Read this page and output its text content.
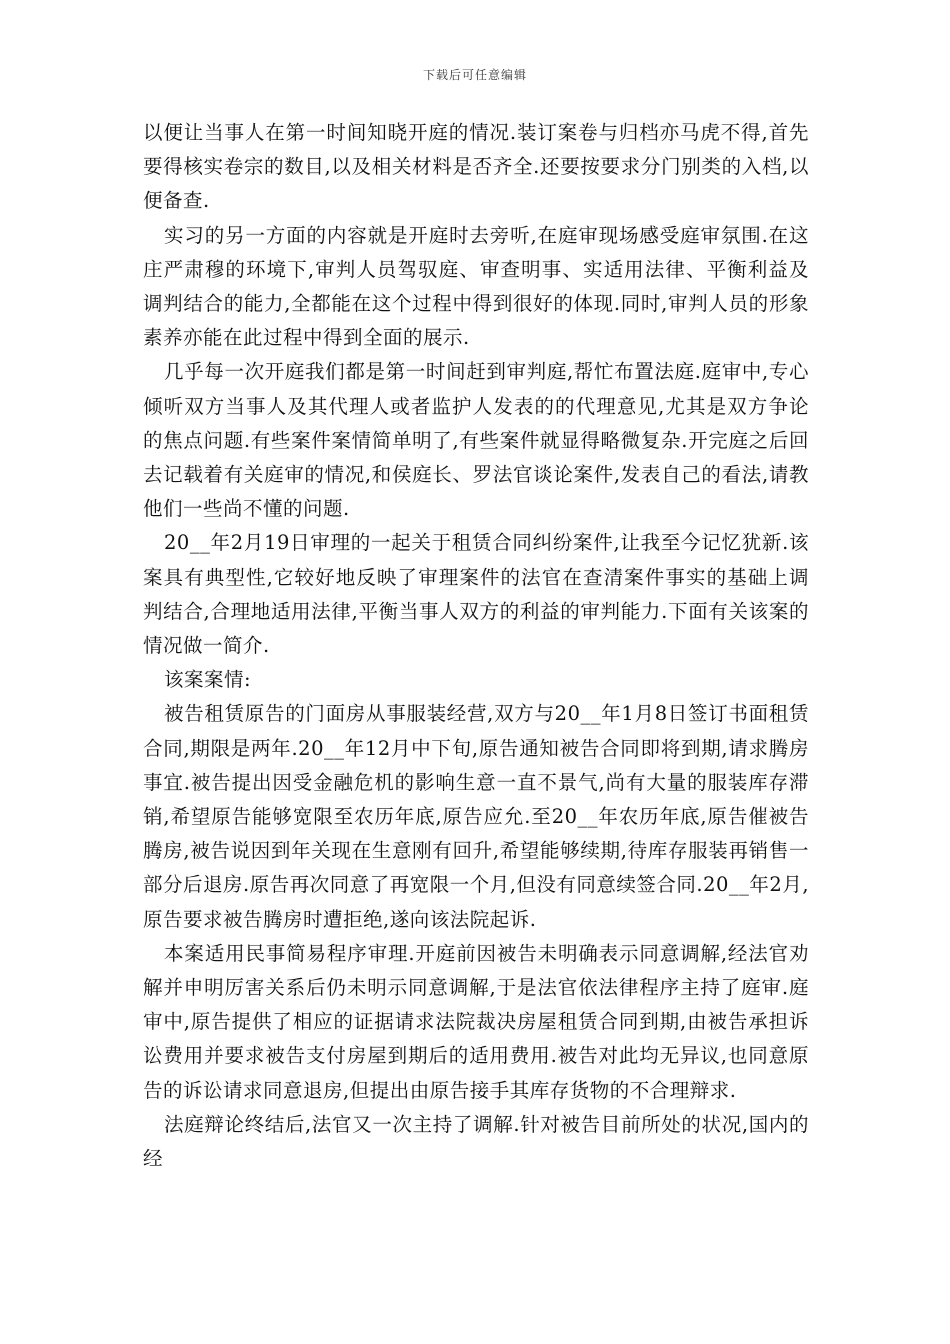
下载后可任意编辑

以便让当事人在第一时间知晓开庭的情况.装订案卷与归档亦马虎不得,首先要得核实卷宗的数目,以及相关材料是否齐全.还要按要求分门别类的入档,以便备查.

实习的另一方面的内容就是开庭时去旁听,在庭审现场感受庭审氛围.在这庄严肃穆的环境下,审判人员驾驭庭、审查明事、实适用法律、平衡利益及调判结合的能力,全都能在这个过程中得到很好的体现.同时,审判人员的形象素养亦能在此过程中得到全面的展示.

几乎每一次开庭我们都是第一时间赶到审判庭,帮忙布置法庭.庭审中,专心倾听双方当事人及其代理人或者监护人发表的的代理意见,尤其是双方争论的焦点问题.有些案件案情简单明了,有些案件就显得略微复杂.开完庭之后回去记载着有关庭审的情况,和侯庭长、罗法官谈论案件,发表自己的看法,请教他们一些尚不懂的问题.

20__年2月19日审理的一起关于租赁合同纠纷案件,让我至今记忆犹新.该案具有典型性,它较好地反映了审理案件的法官在查清案件事实的基础上调判结合,合理地适用法律,平衡当事人双方的利益的审判能力.下面有关该案的情况做一简介.

该案案情:

被告租赁原告的门面房从事服装经营,双方与20__年1月8日签订书面租赁合同,期限是两年.20__年12月中下旬,原告通知被告合同即将到期,请求腾房事宜.被告提出因受金融危机的影响生意一直不景气,尚有大量的服装库存滞销,希望原告能够宽限至农历年底,原告应允.至20__年农历年底,原告催被告腾房,被告说因到年关现在生意刚有回升,希望能够续期,待库存服装再销售一部分后退房.原告再次同意了再宽限一个月,但没有同意续签合同.20__年2月,原告要求被告腾房时遭拒绝,遂向该法院起诉.

本案适用民事简易程序审理.开庭前因被告未明确表示同意调解,经法官劝解并申明厉害关系后仍未明示同意调解,于是法官依法律程序主持了庭审.庭审中,原告提供了相应的证据请求法院裁决房屋租赁合同到期,由被告承担诉讼费用并要求被告支付房屋到期后的适用费用.被告对此均无异议,也同意原告的诉讼请求同意退房,但提出由原告接手其库存货物的不合理辩求.

法庭辩论终结后,法官又一次主持了调解.针对被告目前所处的状况,国内的经
